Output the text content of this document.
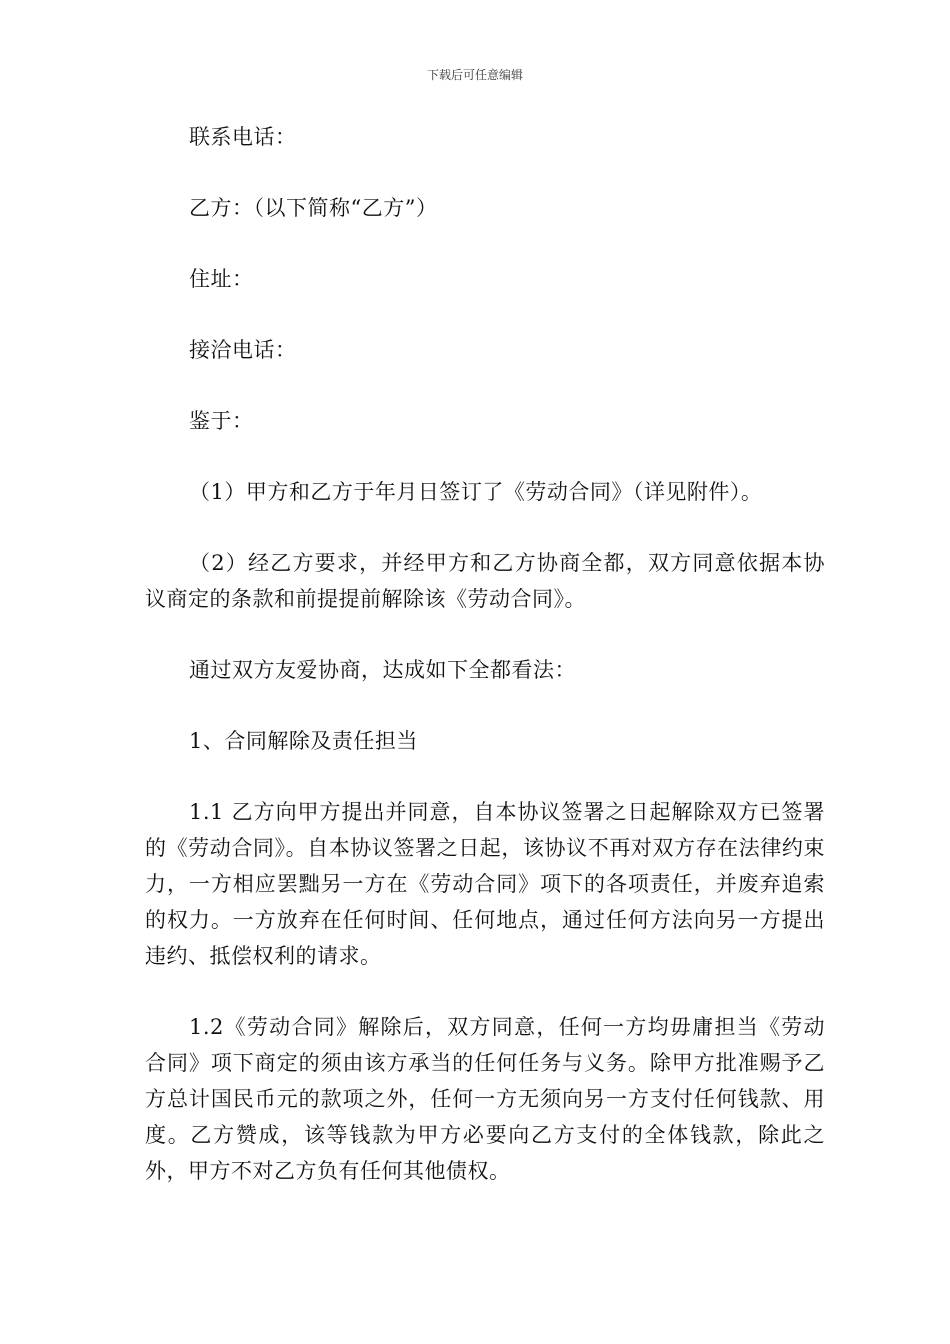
下载后可任意编辑

联系电话：

乙方：（以下简称“乙方”）

住址：

接洽电话：

鉴于：

（1）甲方和乙方于年月日签订了《劳动合同》（详见附件）。

（2）经乙方要求，并经甲方和乙方协商全都，双方同意依据本协议商定的条款和前提提前解除该《劳动合同》。

通过双方友爱协商，达成如下全都看法：

1、合同解除及责任担当

1.1 乙方向甲方提出并同意，自本协议签署之日起解除双方已签署的《劳动合同》。自本协议签署之日起，该协议不再对双方存在法律约束力，一方相应罢黜另一方在《劳动合同》项下的各项责任，并废弃追索的权力。一方放弃在任何时间、任何地点，通过任何方法向另一方提出违约、抵偿权利的请求。

1.2《劳动合同》解除后，双方同意，任何一方均毋庸担当《劳动合同》项下商定的须由该方承当的任何任务与义务。除甲方批准赐予乙方总计国民币元的款项之外，任何一方无须向另一方支付任何钱款、用度。乙方赞成，该等钱款为甲方必要向乙方支付的全体钱款，除此之外，甲方不对乙方负有任何其他债权。
